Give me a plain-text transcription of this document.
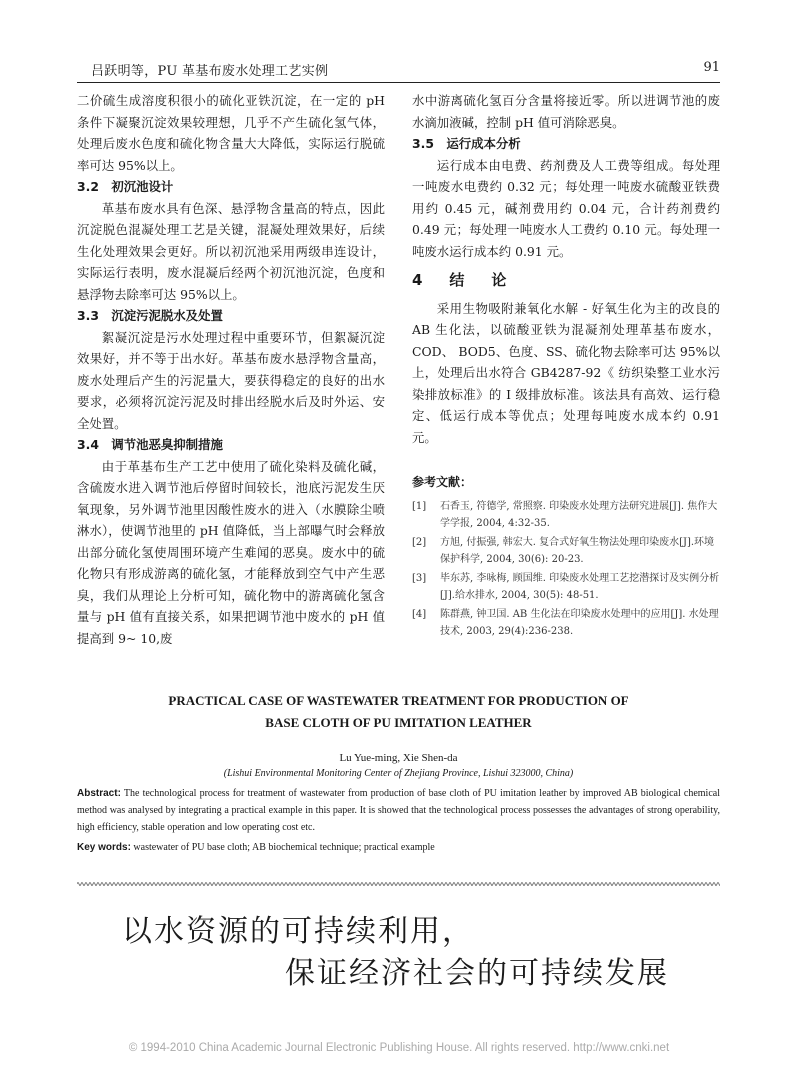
吕跃明等，PU 革基布废水处理工艺实例	91

二价硫生成溶度积很小的硫化亚铁沉淀，在一定的 pH 条件下凝聚沉淀效果较理想，几乎不产生硫化氢气体，处理后废水色度和硫化物含量大大降低，实际运行脱硫率可达 95%以上。

3.2　初沉池设计

革基布废水具有色深、悬浮物含量高的特点，因此沉淀脱色混凝处理工艺是关键，混凝处理效果好，后续生化处理效果会更好。所以初沉池采用两级串连设计，实际运行表明，废水混凝后经两个初沉池沉淀，色度和悬浮物去除率可达 95%以上。

3.3　沉淀污泥脱水及处置

絮凝沉淀是污水处理过程中重要环节，但絮凝沉淀效果好，并不等于出水好。革基布废水悬浮物含量高，废水处理后产生的污泥量大，要获得稳定的良好的出水要求，必须将沉淀污泥及时排出经脱水后及时外运、安全处置。

3.4　调节池恶臭抑制措施

由于革基布生产工艺中使用了硫化染料及硫化碱，含硫废水进入调节池后停留时间较长，池底污泥发生厌氧现象，另外调节池里因酸性废水的进入（水膜除尘喷淋水），使调节池里的 pH 值降低，当上部曝气时会释放出部分硫化氢使周围环境产生难闻的恶臭。废水中的硫化物只有形成游离的硫化氢，才能释放到空气中产生恶臭，我们从理论上分析可知，硫化物中的游离硫化氢含量与 pH 值有直接关系，如果把调节池中废水的 pH 值提高到 9~ 10,废

水中游离硫化氢百分含量将接近零。所以进调节池的废水滴加液碱，控制 pH 值可消除恶臭。

3.5　运行成本分析

运行成本由电费、药剂费及人工费等组成。每处理一吨废水电费约 0.32 元；每处理一吨废水硫酸亚铁费用约 0.45 元，碱剂费用约 0.04 元，合计药剂费约 0.49 元；每处理一吨废水人工费约 0.10 元。每处理一吨废水运行成本约 0.91 元。

4　结　论

采用生物吸附兼氧化水解 - 好氧生化为主的改良的 AB 生化法，以硫酸亚铁为混凝剂处理革基布废水，COD、 BOD5、色度、SS、硫化物去除率可达 95%以上，处理后出水符合 GB4287-92《 纺织染整工业水污染排放标准》的 I 级排放标准。该法具有高效、运行稳定、低运行成本等优点；处理每吨废水成本约 0.91 元。

参考文献：
[1]	石香玉, 符德学, 常照察. 印染废水处理方法研究进展[J]. 焦作大学学报, 2004, 4:32-35.
[2]	方旭, 付振强, 韩宏大. 复合式好氧生物法处理印染废水[J].环境保护科学, 2004, 30(6): 20-23.
[3]	毕东苏, 李咏梅, 顾国维. 印染废水处理工艺挖潜探讨及实例分析[J].给水排水, 2004, 30(5): 48-51.
[4]	陈群燕, 钟卫国. AB 生化法在印染废水处理中的应用[J]. 水处理技术, 2003, 29(4):236-238.
PRACTICAL CASE OF WASTEWATER TREATMENT FOR PRODUCTION OF
BASE CLOTH OF PU IMITATION LEATHER
Lu Yue-ming, Xie Shen-da
(Lishui Environmental Monitoring Center of Zhejiang Province, Lishui 323000, China)
Abstract: The technological process for treatment of wastewater from production of base cloth of PU imitation leather by improved AB biological chemical method was analysed by integrating a practical example in this paper. It is showed that the technological process possesses the advantages of strong operability, high efficiency, stable operation and low operating cost etc.
Key words: wastewater of PU base cloth; AB biochemical technique; practical example
以水资源的可持续利用，
保证经济社会的可持续发展
© 1994-2010 China Academic Journal Electronic Publishing House. All rights reserved. http://www.cnki.net
